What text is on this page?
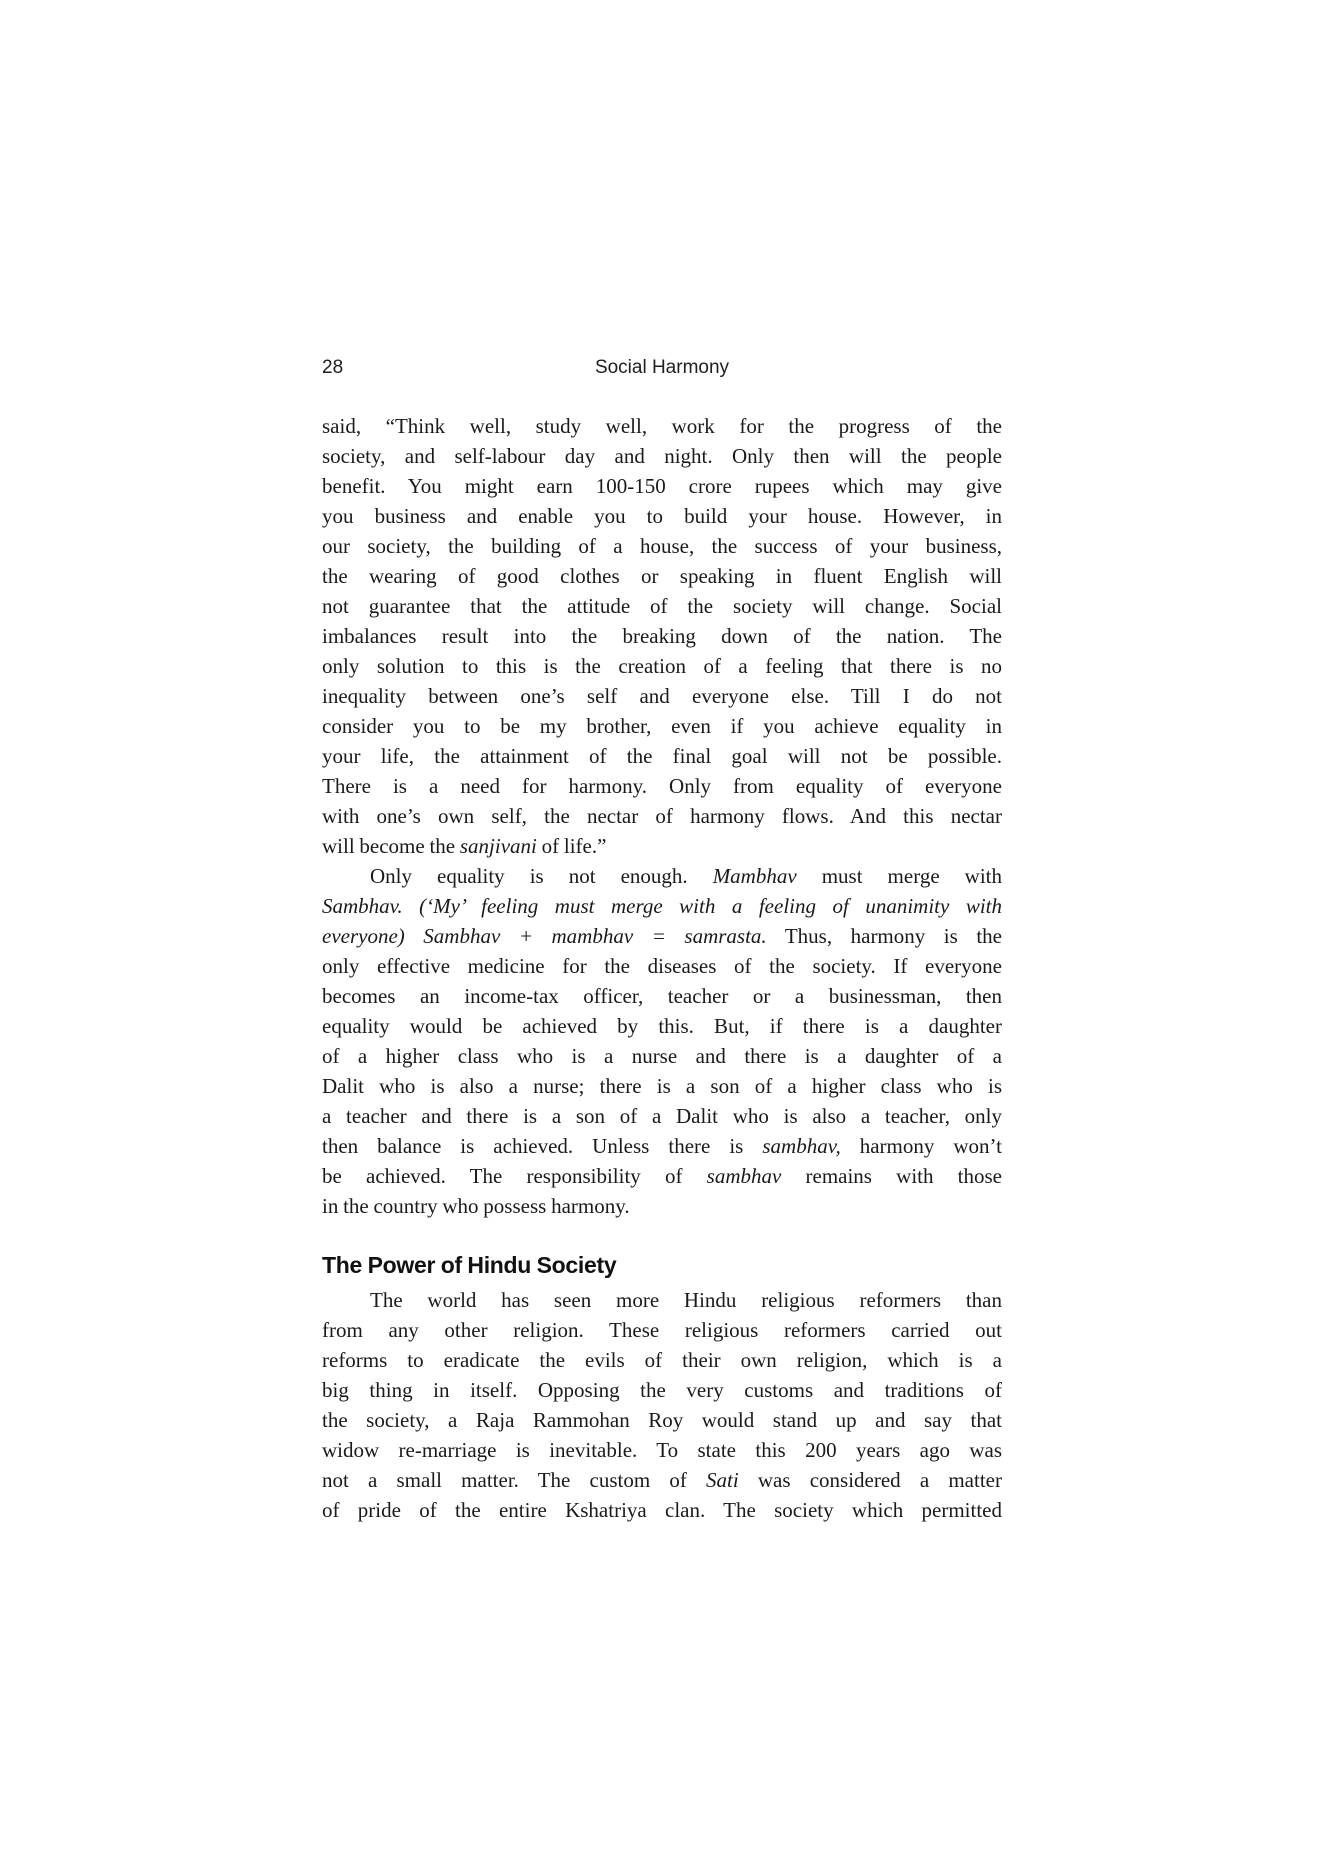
28	Social Harmony
said, “Think well, study well, work for the progress of the
society, and self-labour day and night. Only then will the people
benefit. You might earn 100-150 crore rupees which may give
you business and enable you to build your house. However, in
our society, the building of a house, the success of your business,
the wearing of good clothes or speaking in fluent English will
not guarantee that the attitude of the society will change. Social
imbalances result into the breaking down of the nation. The
only solution to this is the creation of a feeling that there is no
inequality between one’s self and everyone else. Till I do not
consider you to be my brother, even if you achieve equality in
your life, the attainment of the final goal will not be possible.
There is a need for harmony. Only from equality of everyone
with one’s own self, the nectar of harmony flows. And this nectar
will become the sanjivani of life.”
Only equality is not enough. Mambhav must merge with
Sambhav. (‘My’ feeling must merge with a feeling of unanimity with
everyone) Sambhav + mambhav = samrasta. Thus, harmony is the
only effective medicine for the diseases of the society. If everyone
becomes an income-tax officer, teacher or a businessman, then
equality would be achieved by this. But, if there is a daughter
of a higher class who is a nurse and there is a daughter of a
Dalit who is also a nurse; there is a son of a higher class who is
a teacher and there is a son of a Dalit who is also a teacher, only
then balance is achieved. Unless there is sambhav, harmony won’t
be achieved. The responsibility of sambhav remains with those
in the country who possess harmony.
The Power of Hindu Society
The world has seen more Hindu religious reformers than
from any other religion. These religious reformers carried out
reforms to eradicate the evils of their own religion, which is a
big thing in itself. Opposing the very customs and traditions of
the society, a Raja Rammohan Roy would stand up and say that
widow re-marriage is inevitable. To state this 200 years ago was
not a small matter. The custom of Sati was considered a matter
of pride of the entire Kshatriya clan. The society which permitted
